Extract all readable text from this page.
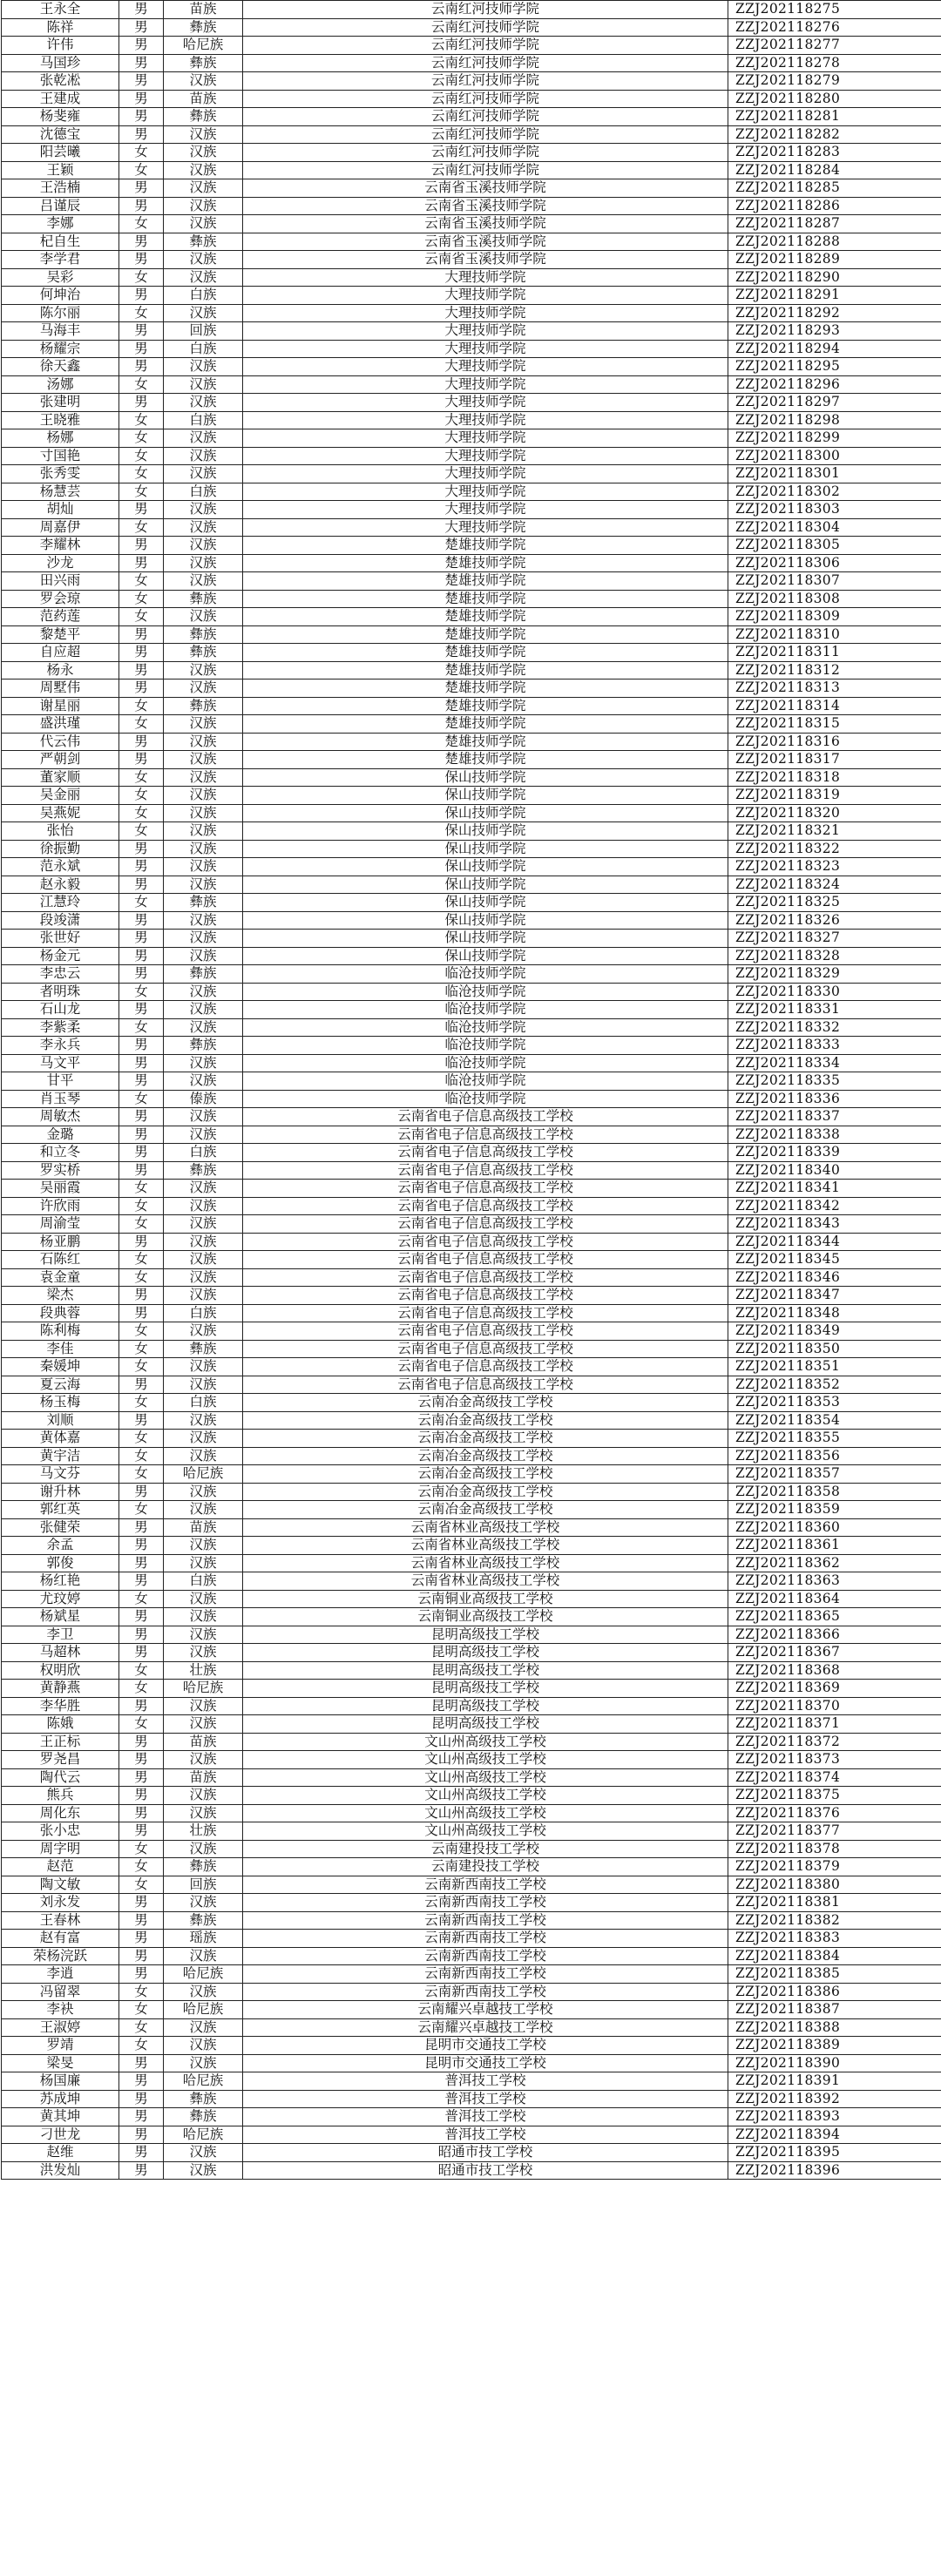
王永全	男	苗族	云南红河技师学院	ZZJ202118275
陈祥	男	彝族	云南红河技师学院	ZZJ202118276
许伟	男	哈尼族	云南红河技师学院	ZZJ202118277
马国珍	男	彝族	云南红河技师学院	ZZJ202118278
张乾凇	男	汉族	云南红河技师学院	ZZJ202118279
王建成	男	苗族	云南红河技师学院	ZZJ202118280
杨斐雍	男	彝族	云南红河技师学院	ZZJ202118281
沈德宝	男	汉族	云南红河技师学院	ZZJ202118282
阳芸曦	女	汉族	云南红河技师学院	ZZJ202118283
王颖	女	汉族	云南红河技师学院	ZZJ202118284
王浩楠	男	汉族	云南省玉溪技师学院	ZZJ202118285
吕谨辰	男	汉族	云南省玉溪技师学院	ZZJ202118286
李娜	女	汉族	云南省玉溪技师学院	ZZJ202118287
杞自生	男	彝族	云南省玉溪技师学院	ZZJ202118288
李学君	男	汉族	云南省玉溪技师学院	ZZJ202118289
吴彩	女	汉族	大理技师学院	ZZJ202118290
何坤治	男	白族	大理技师学院	ZZJ202118291
陈尔丽	女	汉族	大理技师学院	ZZJ202118292
马海丰	男	回族	大理技师学院	ZZJ202118293
杨耀宗	男	白族	大理技师学院	ZZJ202118294
徐天鑫	男	汉族	大理技师学院	ZZJ202118295
汤娜	女	汉族	大理技师学院	ZZJ202118296
张建明	男	汉族	大理技师学院	ZZJ202118297
王晓雅	女	白族	大理技师学院	ZZJ202118298
杨娜	女	汉族	大理技师学院	ZZJ202118299
寸国艳	女	汉族	大理技师学院	ZZJ202118300
张秀雯	女	汉族	大理技师学院	ZZJ202118301
杨慧芸	女	白族	大理技师学院	ZZJ202118302
胡灿	男	汉族	大理技师学院	ZZJ202118303
周嘉伊	女	汉族	大理技师学院	ZZJ202118304
李耀林	男	汉族	楚雄技师学院	ZZJ202118305
沙龙	男	汉族	楚雄技师学院	ZZJ202118306
田兴雨	女	汉族	楚雄技师学院	ZZJ202118307
罗会琼	女	彝族	楚雄技师学院	ZZJ202118308
范药莲	女	汉族	楚雄技师学院	ZZJ202118309
黎楚平	男	彝族	楚雄技师学院	ZZJ202118310
自应超	男	彝族	楚雄技师学院	ZZJ202118311
杨永	男	汉族	楚雄技师学院	ZZJ202118312
周墅伟	男	汉族	楚雄技师学院	ZZJ202118313
谢星丽	女	彝族	楚雄技师学院	ZZJ202118314
盛洪瑾	女	汉族	楚雄技师学院	ZZJ202118315
代云伟	男	汉族	楚雄技师学院	ZZJ202118316
严朝剑	男	汉族	楚雄技师学院	ZZJ202118317
董家顺	女	汉族	保山技师学院	ZZJ202118318
吴金丽	女	汉族	保山技师学院	ZZJ202118319
吴燕妮	女	汉族	保山技师学院	ZZJ202118320
张怡	女	汉族	保山技师学院	ZZJ202118321
徐振勤	男	汉族	保山技师学院	ZZJ202118322
范永斌	男	汉族	保山技师学院	ZZJ202118323
赵永毅	男	汉族	保山技师学院	ZZJ202118324
江慧玲	女	彝族	保山技师学院	ZZJ202118325
段竣潇	男	汉族	保山技师学院	ZZJ202118326
张世好	男	汉族	保山技师学院	ZZJ202118327
杨金元	男	汉族	保山技师学院	ZZJ202118328
李忠云	男	彝族	临沧技师学院	ZZJ202118329
者明珠	女	汉族	临沧技师学院	ZZJ202118330
石山龙	男	汉族	临沧技师学院	ZZJ202118331
李紫柔	女	汉族	临沧技师学院	ZZJ202118332
李永兵	男	彝族	临沧技师学院	ZZJ202118333
马文平	男	汉族	临沧技师学院	ZZJ202118334
甘平	男	汉族	临沧技师学院	ZZJ202118335
肖玉琴	女	傣族	临沧技师学院	ZZJ202118336
周敏杰	男	汉族	云南省电子信息高级技工学校	ZZJ202118337
金璐	男	汉族	云南省电子信息高级技工学校	ZZJ202118338
和立冬	男	白族	云南省电子信息高级技工学校	ZZJ202118339
罗实桥	男	彝族	云南省电子信息高级技工学校	ZZJ202118340
吴丽霞	女	汉族	云南省电子信息高级技工学校	ZZJ202118341
许欣雨	女	汉族	云南省电子信息高级技工学校	ZZJ202118342
周渝莹	女	汉族	云南省电子信息高级技工学校	ZZJ202118343
杨亚鹏	男	汉族	云南省电子信息高级技工学校	ZZJ202118344
石陈红	女	汉族	云南省电子信息高级技工学校	ZZJ202118345
袁金童	女	汉族	云南省电子信息高级技工学校	ZZJ202118346
梁杰	男	汉族	云南省电子信息高级技工学校	ZZJ202118347
段典蓉	男	白族	云南省电子信息高级技工学校	ZZJ202118348
陈利梅	女	汉族	云南省电子信息高级技工学校	ZZJ202118349
李佳	女	彝族	云南省电子信息高级技工学校	ZZJ202118350
秦媛坤	女	汉族	云南省电子信息高级技工学校	ZZJ202118351
夏云海	男	汉族	云南省电子信息高级技工学校	ZZJ202118352
杨玉梅	女	白族	云南冶金高级技工学校	ZZJ202118353
刘顺	男	汉族	云南冶金高级技工学校	ZZJ202118354
黄体嘉	女	汉族	云南冶金高级技工学校	ZZJ202118355
黄宇洁	女	汉族	云南冶金高级技工学校	ZZJ202118356
马文芬	女	哈尼族	云南冶金高级技工学校	ZZJ202118357
谢升林	男	汉族	云南冶金高级技工学校	ZZJ202118358
郭红英	女	汉族	云南冶金高级技工学校	ZZJ202118359
张健荣	男	苗族	云南省林业高级技工学校	ZZJ202118360
余孟	男	汉族	云南省林业高级技工学校	ZZJ202118361
郭俊	男	汉族	云南省林业高级技工学校	ZZJ202118362
杨红艳	男	白族	云南省林业高级技工学校	ZZJ202118363
尤玟婷	女	汉族	云南铜业高级技工学校	ZZJ202118364
杨斌星	男	汉族	云南铜业高级技工学校	ZZJ202118365
李卫	男	汉族	昆明高级技工学校	ZZJ202118366
马超林	男	汉族	昆明高级技工学校	ZZJ202118367
权明欣	女	壮族	昆明高级技工学校	ZZJ202118368
黄静燕	女	哈尼族	昆明高级技工学校	ZZJ202118369
李华胜	男	汉族	昆明高级技工学校	ZZJ202118370
陈娥	女	汉族	昆明高级技工学校	ZZJ202118371
王正标	男	苗族	文山州高级技工学校	ZZJ202118372
罗尧昌	男	汉族	文山州高级技工学校	ZZJ202118373
陶代云	男	苗族	文山州高级技工学校	ZZJ202118374
熊兵	男	汉族	文山州高级技工学校	ZZJ202118375
周化东	男	汉族	文山州高级技工学校	ZZJ202118376
张小忠	男	壮族	文山州高级技工学校	ZZJ202118377
周字明	女	汉族	云南建投技工学校	ZZJ202118378
赵范	女	彝族	云南建投技工学校	ZZJ202118379
陶文敏	女	回族	云南新西南技工学校	ZZJ202118380
刘永发	男	汉族	云南新西南技工学校	ZZJ202118381
王春林	男	彝族	云南新西南技工学校	ZZJ202118382
赵有富	男	瑶族	云南新西南技工学校	ZZJ202118383
荣杨浣跃	男	汉族	云南新西南技工学校	ZZJ202118384
李逍	男	哈尼族	云南新西南技工学校	ZZJ202118385
冯留翠	女	汉族	云南新西南技工学校	ZZJ202118386
李袂	女	哈尼族	云南耀兴卓越技工学校	ZZJ202118387
王淑婷	女	汉族	云南耀兴卓越技工学校	ZZJ202118388
罗靖	女	汉族	昆明市交通技工学校	ZZJ202118389
梁旻	男	汉族	昆明市交通技工学校	ZZJ202118390
杨国廉	男	哈尼族	普洱技工学校	ZZJ202118391
苏成坤	男	彝族	普洱技工学校	ZZJ202118392
黄其坤	男	彝族	普洱技工学校	ZZJ202118393
刁世龙	男	哈尼族	普洱技工学校	ZZJ202118394
赵维	男	汉族	昭通市技工学校	ZZJ202118395
洪发灿	男	汉族	昭通市技工学校	ZZJ202118396
